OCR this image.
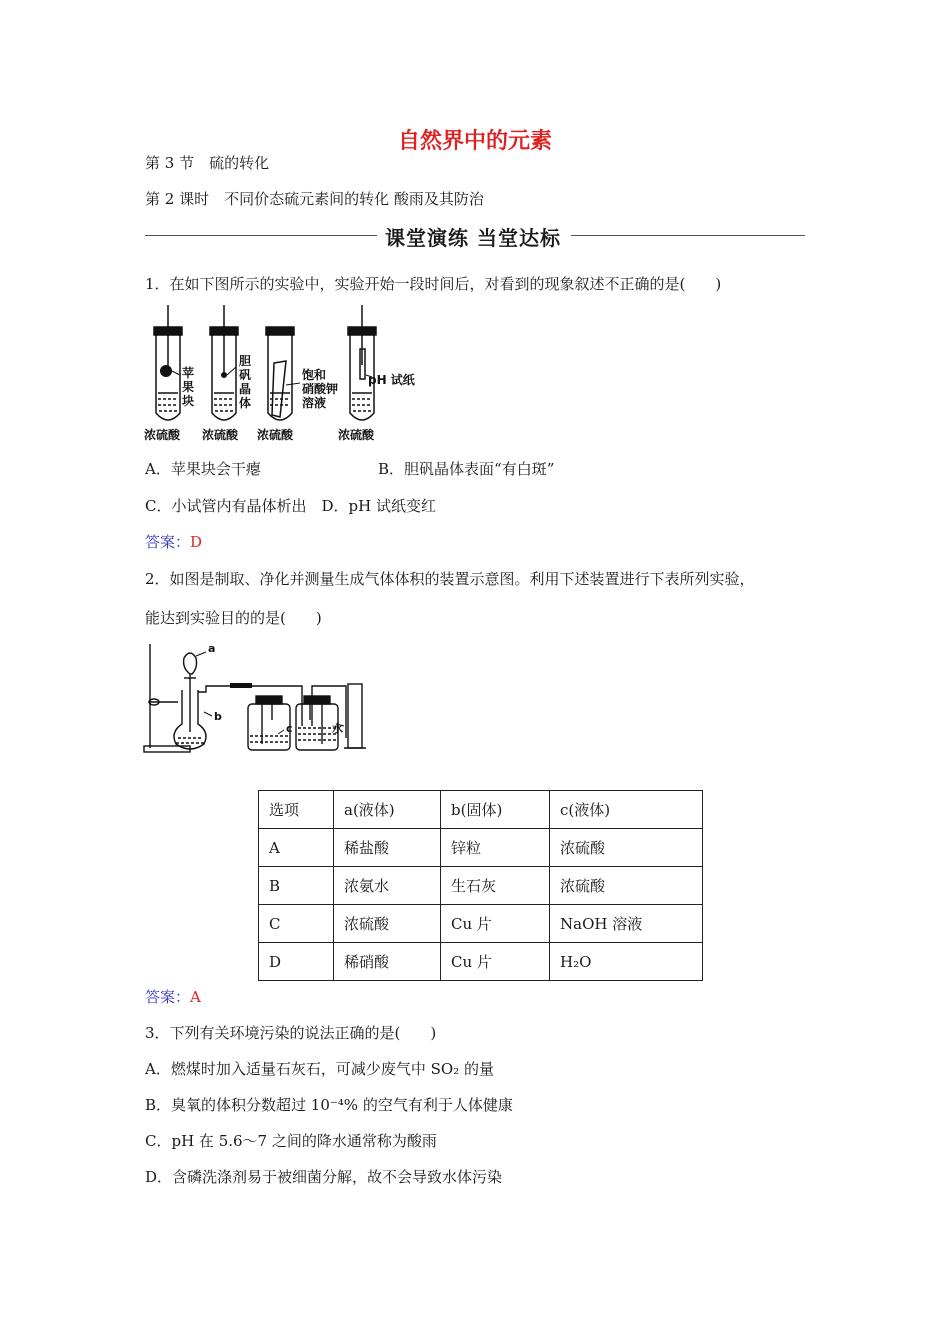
自然界中的元素
第 3 节　硫的转化
第 2 课时　不同价态硫元素间的转化 酸雨及其防治
课堂演练 当堂达标
1．在如下图所示的实验中，实验开始一段时间后，对看到的现象叙述不正确的是(　　)
苹
果
块
胆
矾
晶
体
饱和
硝酸钾
溶液
pH 试纸
浓硫酸 浓硫酸 浓硫酸	浓硫酸
A．苹果块会干瘪	B．胆矾晶体表面“有白斑”
C．小试管内有晶体析出　D．pH 试纸变红
答案：D
2．如图是制取、净化并测量生成气体体积的装置示意图。利用下述装置进行下表所列实验，
能达到实验目的的是(　　)
a
b
c	水
选项	a(液体)	b(固体)	c(液体)
A	稀盐酸	锌粒	浓硫酸
B	浓氨水	生石灰	浓硫酸
C	浓硫酸	Cu 片	NaOH 溶液
D	稀硝酸	Cu 片	H₂O
答案：A
3．下列有关环境污染的说法正确的是(　　)
A．燃煤时加入适量石灰石，可减少废气中 SO₂ 的量
B．臭氧的体积分数超过 10⁻⁴% 的空气有利于人体健康
C．pH 在 5.6～7 之间的降水通常称为酸雨
D．含磷洗涤剂易于被细菌分解，故不会导致水体污染
